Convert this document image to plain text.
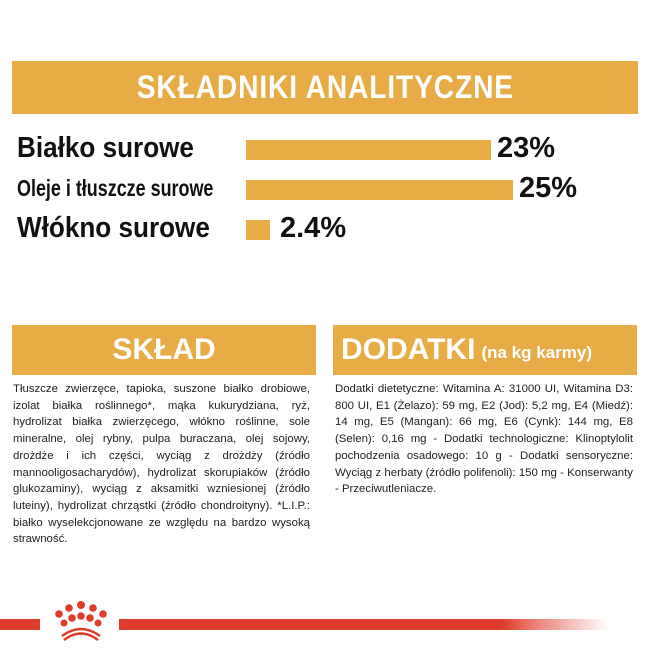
SKŁADNIKI ANALITYCZNE
Białko surowe	23%
Oleje i tłuszcze surowe	25%
Włókno surowe 2.4%
SKŁAD
Tłuszcze zwierzęce, tapioka, suszone białko drobiowe, izolat białka roślinnego*, mąka kukurydziana, ryż, hydrolizat białka zwierzęcego, włókno roślinne, sole mineralne, olej rybny, pulpa buraczana, olej sojowy, drożdże i ich części, wyciąg z drożdży (źródło mannooligosacharydów), hydrolizat skorupiaków (źródło glukozaminy), wyciąg z aksamitki wzniesionej (źródło luteiny), hydrolizat chrząstki (źródło chondroityny). *L.I.P.: białko wyselekcjonowane ze względu na bardzo wysoką strawność.
DODATKI (na kg karmy)
Dodatki dietetyczne: Witamina A: 31000 UI, Witamina D3: 800 UI, E1 (Żelazo): 59 mg, E2 (Jod): 5,2 mg, E4 (Miedź): 14 mg, E5 (Mangan): 66 mg, E6 (Cynk): 144 mg, E8 (Selen): 0,16 mg - Dodatki technologiczne: Klinoptylolit pochodzenia osadowego: 10 g - Dodatki sensoryczne: Wyciąg z herbaty (źródło polifenoli): 150 mg - Konserwanty - Przeciwutleniacze.
